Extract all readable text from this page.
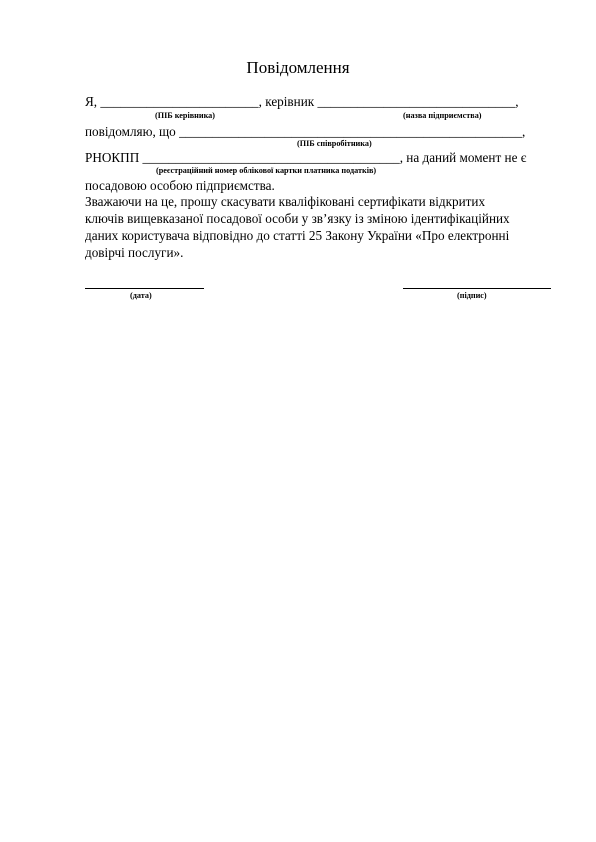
Повідомлення
Я, ________________________, керівник ______________________________,
(ПІБ керівника)	(назва підприємства)
повідомляю, що ____________________________________________________,
(ПІБ співробітника)
РНОКПП _______________________________________, на даний момент не є
(реєстраційний номер облікової картки платника податків)
посадовою особою підприємства.
Зважаючи на це, прошу скасувати кваліфіковані сертифікати відкритих
ключів вищевказаної посадової особи у зв’язку із зміною ідентифікаційних
даних користувача відповідно до статті 25 Закону України «Про електронні
довірчі послуги».
(дата)	(підпис)
